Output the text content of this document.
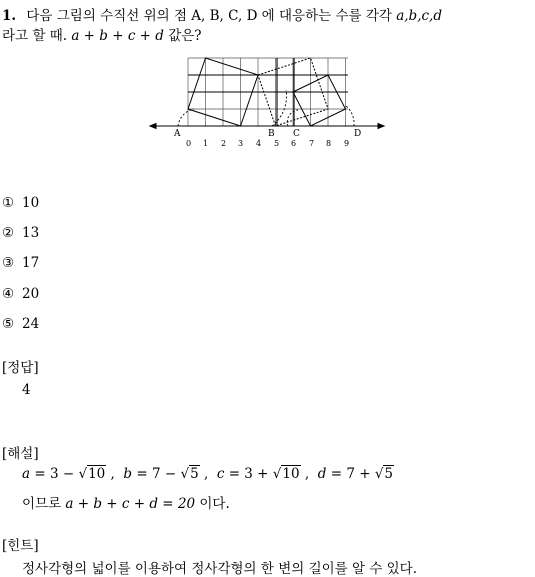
1. 다음 그림의 수직선 위의 점 A, B, C, D 에 대응하는 수를 각각 a,b,c,d
라고 할 때. a + b + c + d 값은?
A	B C	D
0 1 2 3 4 5 6 7 8 9
① 10
② 13
③ 17
④ 20
⑤ 24
[정답]
4
[해설]
a = 3 − √10 ,  b = 7 − √5 ,  c = 3 + √10 ,  d = 7 + √5
이므로 a + b + c + d = 20 이다.
[힌트]
정사각형의 넓이를 이용하여 정사각형의 한 변의 길이를 알 수 있다.
